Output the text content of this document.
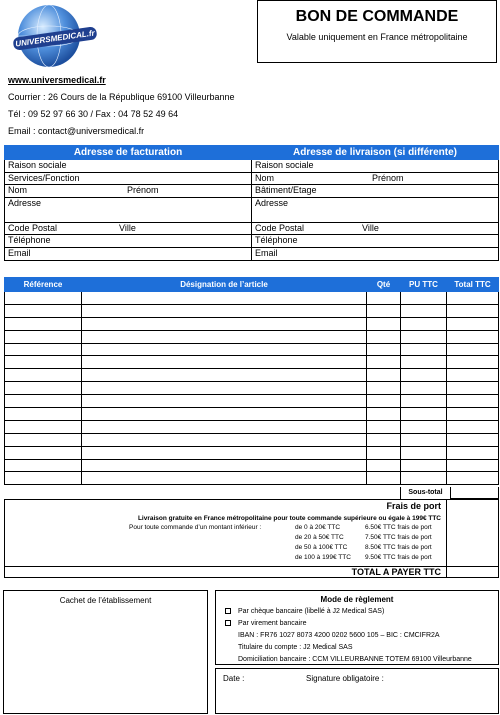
UNIVERSMEDICAL.fr
BON DE COMMANDE
Valable uniquement en France métropolitaine
www.universmedical.fr
Courrier : 26 Cours de la République 69100 Villeurbanne
Tél : 09 52 97 66 30 / Fax : 04 78 52 49 64
Email : contact@universmedical.fr
Adresse de facturation	Adresse de livraison (si différente)
Raison sociale	Raison sociale
Services/Fonction	Nom Prénom

Nom Prénom	Bâtiment/Etage
Adresse	Adresse
Code Postal Ville	Code Postal Ville

Téléphone	Téléphone
Email	Email
Référence	Désignation de l’article	Qté	PU TTC	Total TTC

Sous-total
Frais de port
Livraison gratuite en France métropolitaine pour toute commande supérieure ou égale à 199€ TTC
Pour toute commande d’un montant inférieur :	de 0 à 20€ TTC	6.50€ TTC frais de port
de 20 à 50€ TTC	7.50€ TTC frais de port
de 50 à 100€ TTC	8.50€ TTC frais de port
de 100 à 199€ TTC 9.50€ TTC frais de port
TOTAL A PAYER TTC
Cachet de l’établissement	Mode de règlement
Par chèque bancaire (libellé à J2 Medical SAS)
Par virement bancaire
IBAN : FR76 1027 8073 4200 0202 5600 105 – BIC : CMCIFR2A
Titulaire du compte : J2 Medical SAS
Domiciliation bancaire : CCM VILLEURBANNE TOTEM 69100 Villeurbanne
Date :	Signature obligatoire :
